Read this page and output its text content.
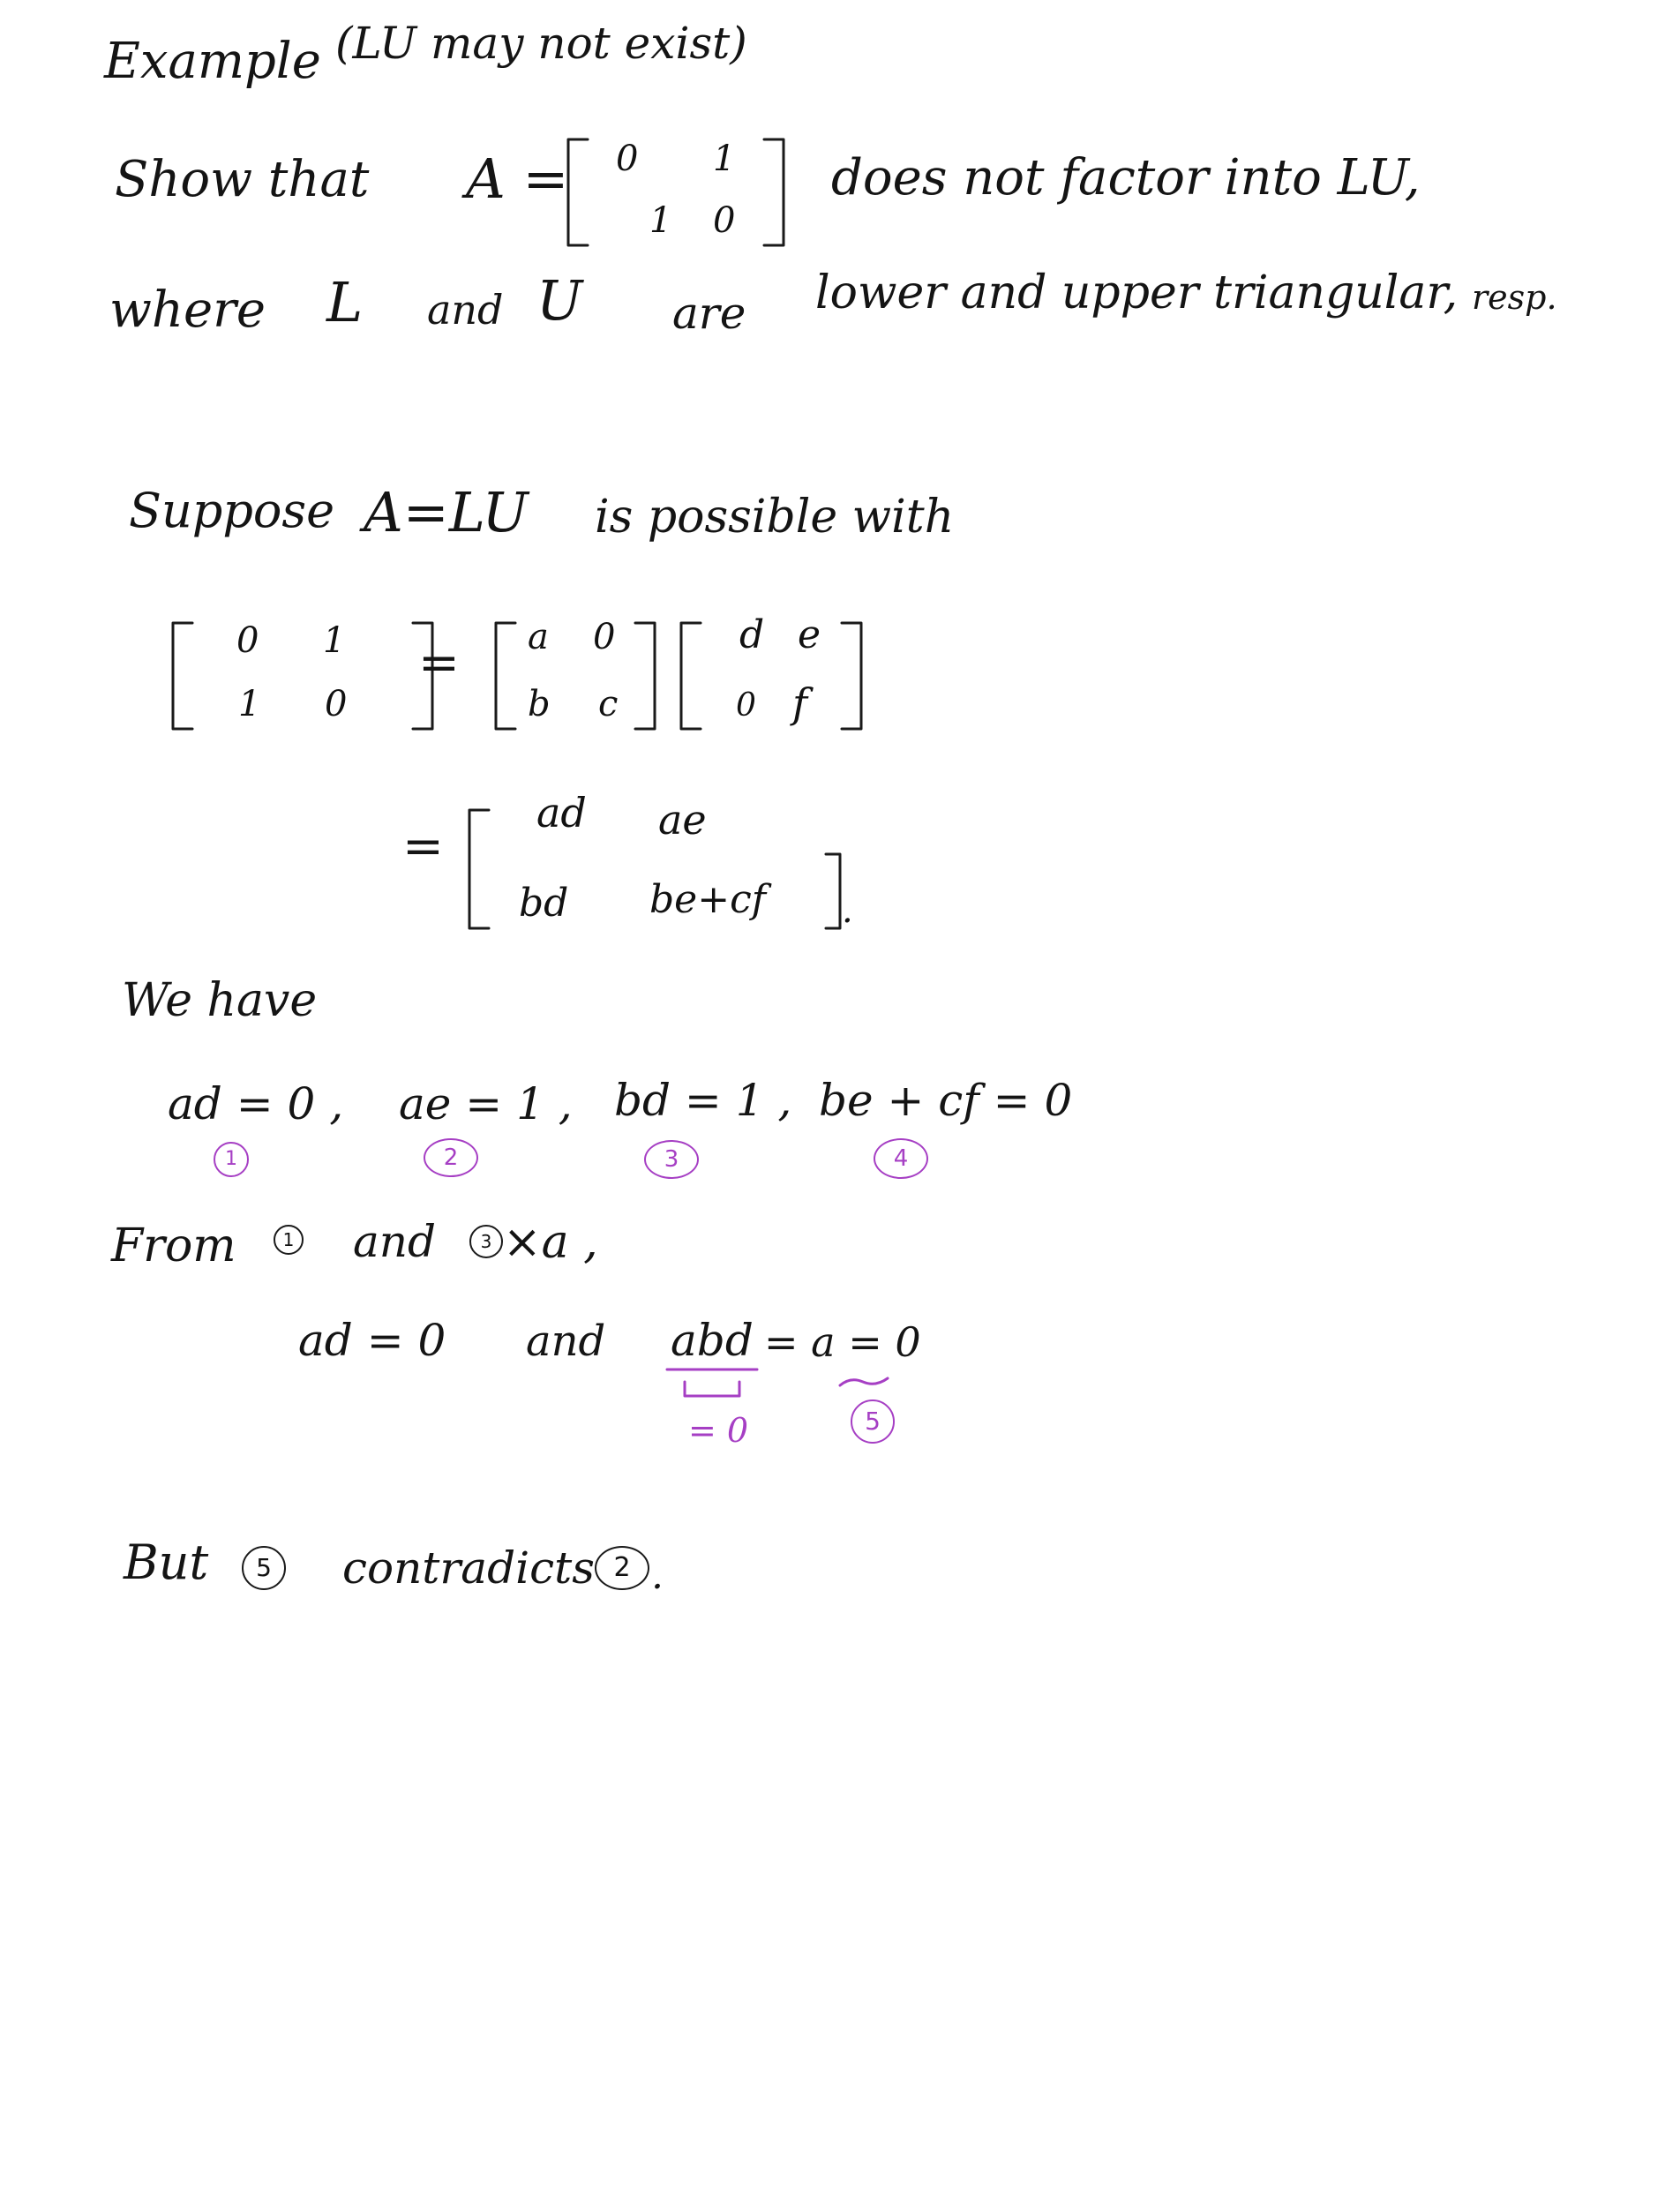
Example (LU may not exist)
Show that A = 0 1
1 0
does not factor into LU,
where L and U are lower and upper triangular, resp.
Suppose A=LU is possible with
0 1
1 0
= a 0
b c
d e
0 f
=
ad ae
bd be+cf .
We have
ad = 0 ,
1
ae = 1 ,
2
bd = 1 ,
3
be + cf = 0
4
From	1 and	3 ×a ,
ad = 0 and abd = a = 0
= 0	5
But	5	contradicts 2 .
